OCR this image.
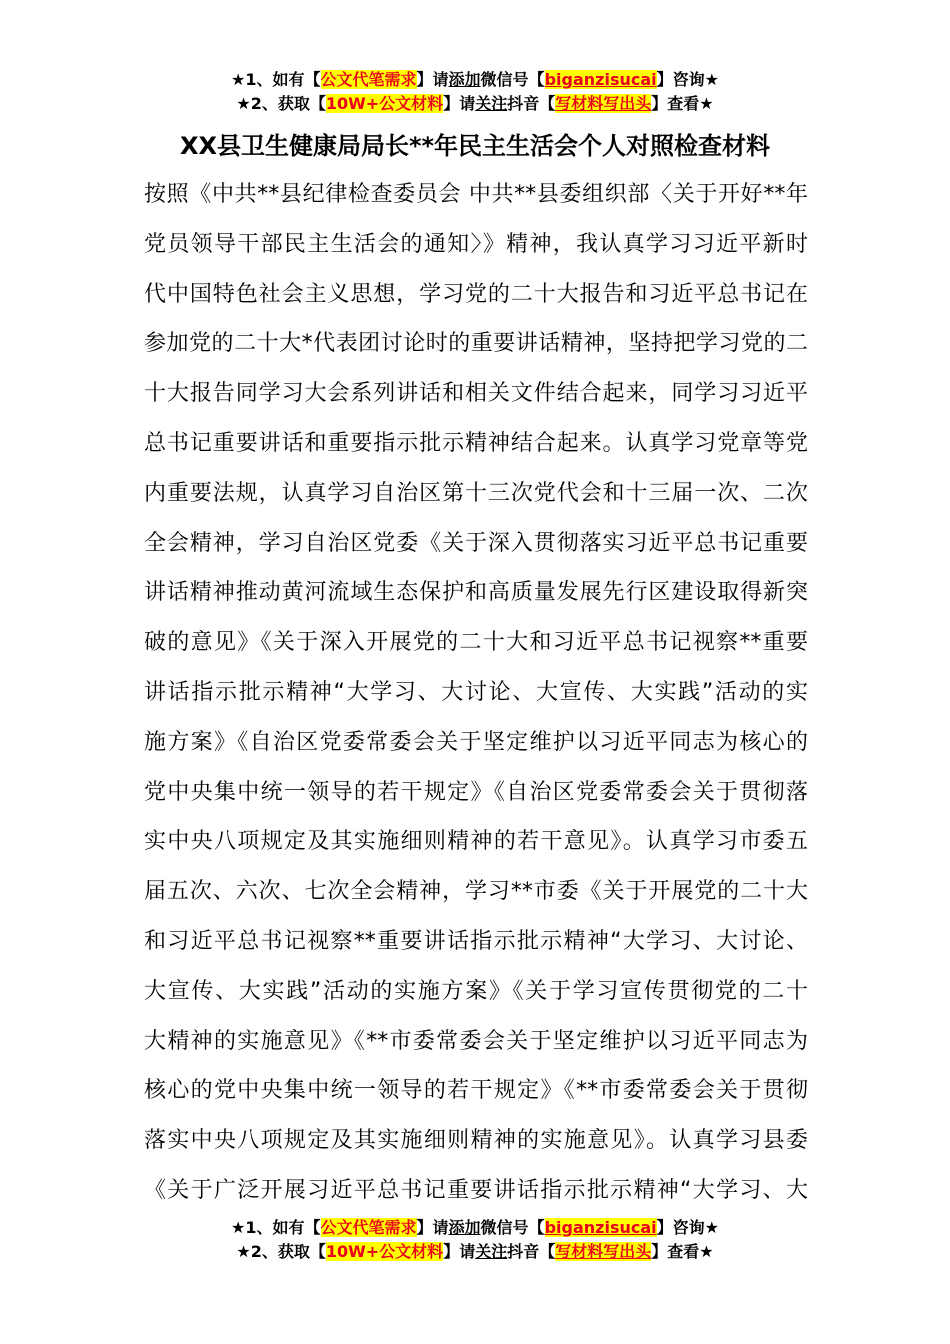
★1、如有【公文代笔需求】请添加微信号【biganzisucai】咨询★
★2、获取【10W+公文材料】请关注抖音【写材料写出头】查看★
XX县卫生健康局局长**年民主生活会个人对照检查材料
按照《中共**县纪律检查委员会 中共**县委组织部〈关于开好**年
党员领导干部民主生活会的通知〉》精神，我认真学习习近平新时
代中国特色社会主义思想，学习党的二十大报告和习近平总书记在
参加党的二十大*代表团讨论时的重要讲话精神，坚持把学习党的二
十大报告同学习大会系列讲话和相关文件结合起来，同学习习近平
总书记重要讲话和重要指示批示精神结合起来。认真学习党章等党
内重要法规，认真学习自治区第十三次党代会和十三届一次、二次
全会精神，学习自治区党委《关于深入贯彻落实习近平总书记重要
讲话精神推动黄河流域生态保护和高质量发展先行区建设取得新突
破的意见》《关于深入开展党的二十大和习近平总书记视察**重要
讲话指示批示精神“大学习、大讨论、大宣传、大实践”活动的实
施方案》《自治区党委常委会关于坚定维护以习近平同志为核心的
党中央集中统一领导的若干规定》《自治区党委常委会关于贯彻落
实中央八项规定及其实施细则精神的若干意见》。认真学习市委五
届五次、六次、七次全会精神，学习**市委《关于开展党的二十大
和习近平总书记视察**重要讲话指示批示精神“大学习、大讨论、
大宣传、大实践”活动的实施方案》《关于学习宣传贯彻党的二十
大精神的实施意见》《**市委常委会关于坚定维护以习近平同志为
核心的党中央集中统一领导的若干规定》《**市委常委会关于贯彻
落实中央八项规定及其实施细则精神的实施意见》。认真学习县委
《关于广泛开展习近平总书记重要讲话指示批示精神“大学习、大
★1、如有【公文代笔需求】请添加微信号【biganzisucai】咨询★
★2、获取【10W+公文材料】请关注抖音【写材料写出头】查看★
